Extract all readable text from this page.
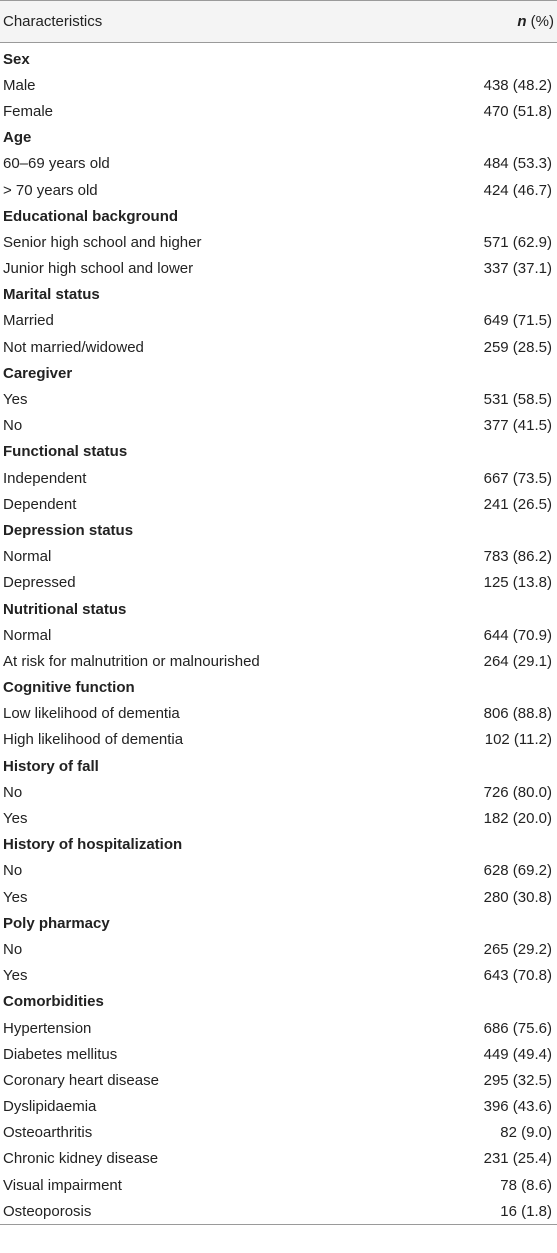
Characteristics	n (%)
Sex
Male	438 (48.2)
Female	470 (51.8)
Age
60–69 years old	484 (53.3)
> 70 years old	424 (46.7)
Educational background
Senior high school and higher	571 (62.9)
Junior high school and lower	337 (37.1)
Marital status
Married	649 (71.5)
Not married/widowed	259 (28.5)
Caregiver
Yes	531 (58.5)
No	377 (41.5)
Functional status
Independent	667 (73.5)
Dependent	241 (26.5)
Depression status
Normal	783 (86.2)
Depressed	125 (13.8)
Nutritional status
Normal	644 (70.9)
At risk for malnutrition or malnourished	264 (29.1)
Cognitive function
Low likelihood of dementia	806 (88.8)
High likelihood of dementia	102 (11.2)
History of fall
No	726 (80.0)
Yes	182 (20.0)
History of hospitalization
No	628 (69.2)
Yes	280 (30.8)
Poly pharmacy
No	265 (29.2)
Yes	643 (70.8)
Comorbidities
Hypertension	686 (75.6)
Diabetes mellitus	449 (49.4)
Coronary heart disease	295 (32.5)
Dyslipidaemia	396 (43.6)
Osteoarthritis	82 (9.0)
Chronic kidney disease	231 (25.4)
Visual impairment	78 (8.6)
Osteoporosis	16 (1.8)
